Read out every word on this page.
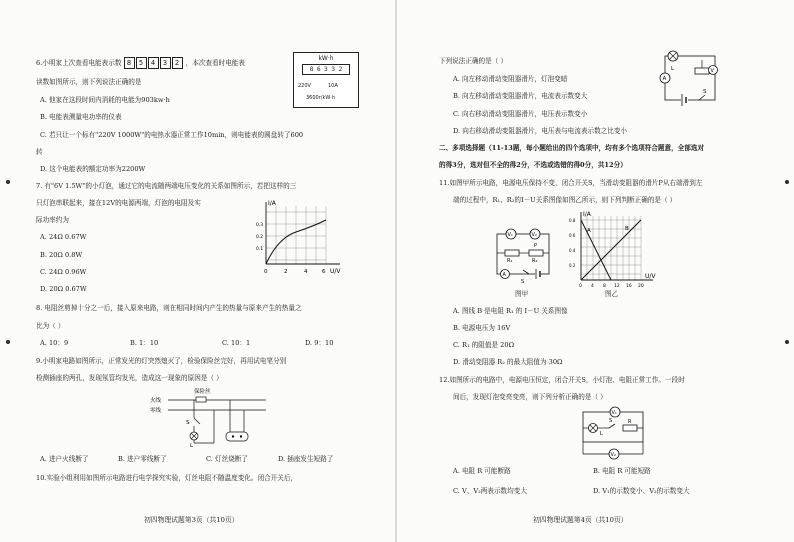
6.小明家上次查看电能表示数 8 5 4 3 2 ，本次查看时电能表
读数如图所示，则下列说法正确的是
kW·h
8 6 3 3 2
220V	10A
3600r/kW·h
A. 他家在这段时间内消耗的电能为903kw·h
B. 电能表测量电功率的仪表
C. 若只让一个标有"220V 1000W"的电热水器正常工作10min，则电能表的圆盘转了600
转
D. 这个电能表的额定功率为2200W
7. 有"6V 1.5W"的小灯泡，通过它的电流随两端电压变化的关系如图所示，若把这样的三
只灯泡串联起来，接在12V的电源两端，灯泡的电阻及实
际功率约为
A. 24Ω 0.67W
B. 20Ω 0.8W
C. 24Ω 0.96W
D. 20Ω 0.67W
I/A
U/V
0	2	4	6
0.1
0.2
0.3
8. 电阻丝剪掉十分之一后，接入原来电路，则在相同时间内产生的热量与原来产生的热量之
比为（ ）
A. 10：9	B. 1：10	C. 10：1	D. 9：10
9.小明家电路如图所示，正常发光的灯突然熄灭了，检验保险丝完好，再用试电笔分别
检测插座的两孔，发现氖管均发光，造成这一现象的原因是（ ）
保险丝
火线
零线
S
L
A. 进户火线断了	B. 进户零线断了	C. 灯丝烧断了	D. 插座发生短路了
10.实验小组利用如图所示电路进行电学探究实验，灯丝电阻不随温度变化。闭合开关后，
初四物理试题第3页（共10页）
下列说法正确的是（ ）
A. 向左移动滑动变阻器滑片，灯泡变暗
B. 向左移动滑动变阻器滑片，电流表示数变大
C. 向右移动滑动变阻器滑片，电压表示数变小
D. 向右移动滑动变阻器滑片，电压表与电流表示数之比变小
L	V
A
S
二、多项选择题（11-13题，每小题给出的四个选项中，均有多个选项符合题意，全部选对
的得3分，选对但不全的得2分，不选或选错的得0分，共12分）
11.如图甲所示电路，电源电压保持不变，闭合开关S，当滑动变阻器的滑片P从右端滑到左
端的过程中，R₁、R₂的I－U关系图像如图乙所示，则下列判断正确的是（ ）
V₁	V₂
R₁	R₂
P
A
S
图甲
A	B
I/A
U/V
0 4 8 12 16 20
0.2
0.4
0.6
0.8
图乙
A. 图线 B 是电阻 R₁ 的 I－U 关系图像
B. 电源电压为 16V
C. R₁ 的阻值是 20Ω
D. 滑动变阻器 R₂ 的最大阻值为 30Ω
12.如图所示的电路中，电源电压恒定，闭合开关S，小灯泡、电阻正常工作。一段时
间后，发现灯泡变亮变亮，则下列分析正确的是（ ）
V₁
L
S	R
V₂
A. 电阻 R 可能断路	B. 电阻 R 可能短路
C. V、V₂两表示数均变大	D. V₁的示数变小、V₂的示数变大
初四物理试题第4页（共10页）
